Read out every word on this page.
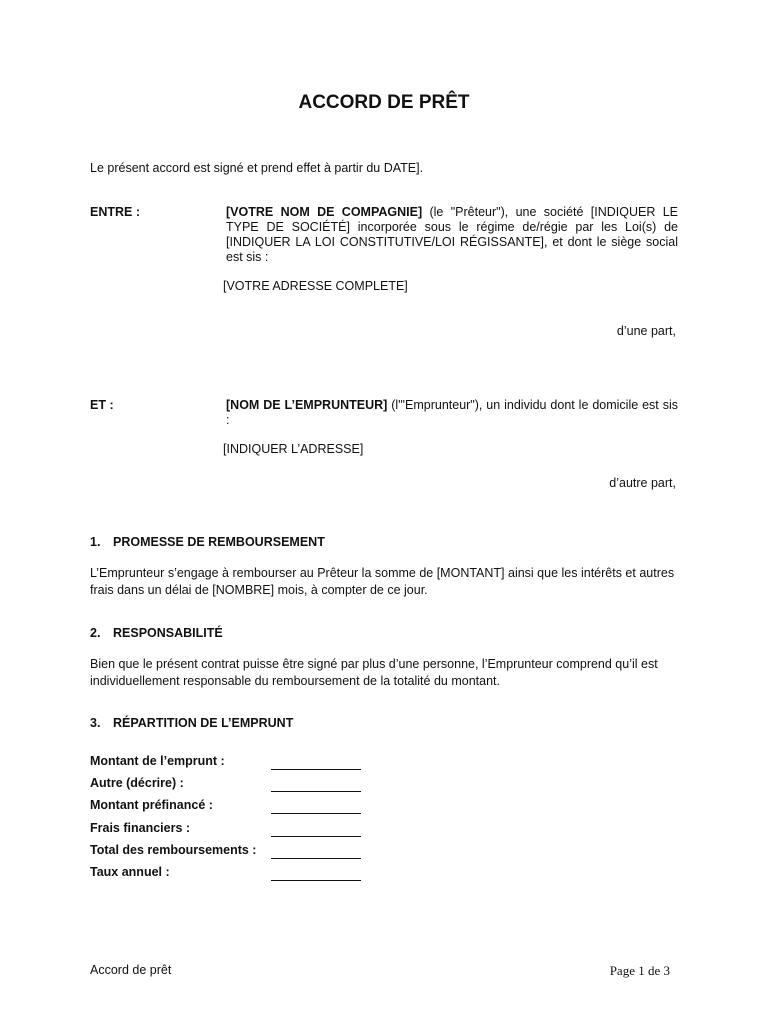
ACCORD DE PRÊT
Le présent accord est signé et prend effet à partir du DATE].
ENTRE :	[VOTRE NOM DE COMPAGNIE] (le "Prêteur"), une société [INDIQUER LE TYPE DE SOCIÉTÉ] incorporée sous le régime de/régie par les Loi(s) de [INDIQUER LA LOI CONSTITUTIVE/LOI RÉGISSANTE], et dont le siège social est sis :
[VOTRE ADRESSE COMPLETE]
d’une part,
ET :	[NOM DE L’EMPRUNTEUR] (l'"Emprunteur"), un individu dont le domicile est sis :
[INDIQUER L’ADRESSE]
d’autre part,
1. PROMESSE DE REMBOURSEMENT
L’Emprunteur s’engage à rembourser au Prêteur la somme de [MONTANT] ainsi que les intérêts et autres frais dans un délai de [NOMBRE] mois, à compter de ce jour.
2. RESPONSABILITÉ
Bien que le présent contrat puisse être signé par plus d’une personne, l’Emprunteur comprend qu’il est individuellement responsable du remboursement de la totalité du montant.
3. RÉPARTITION DE L’EMPRUNT
Montant de l’emprunt :
Autre (décrire) :
Montant préfinancé :
Frais financiers :
Total des remboursements :
Taux annuel :
Accord de prêt	Page 1 de 3
